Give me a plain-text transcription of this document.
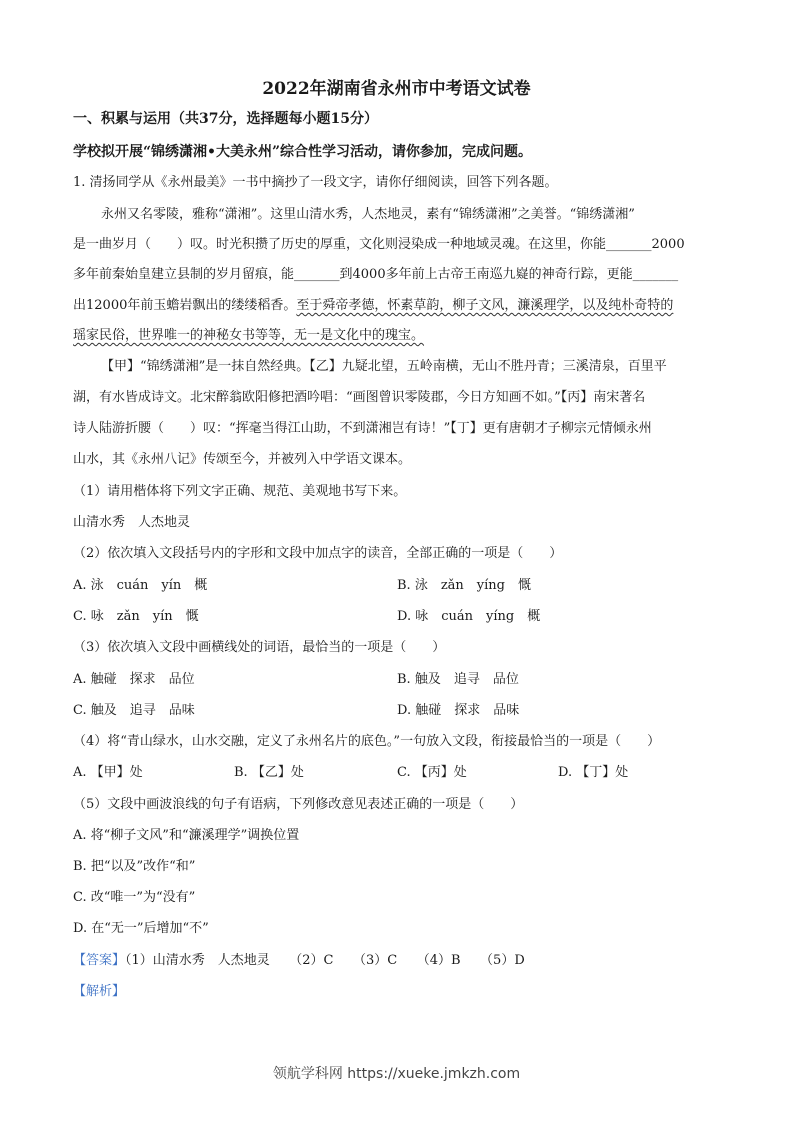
2022年湖南省永州市中考语文试卷
一、积累与运用（共37分，选择题每小题15分）
学校拟开展“锦绣潇湘•大美永州”综合性学习活动，请你参加，完成问题。
1. 清扬同学从《永州最美》一书中摘抄了一段文字，请你仔细阅读，回答下列各题。
永州又名零陵，雅称“潇湘”。这里山清水秀，人杰地灵，素有“锦绣潇湘”之美誉。“锦绣潇湘”
是一曲岁月（　　）叹。时光积攒了历史的厚重，文化则浸染成一种地域灵魂。在这里，你能_______2000
多年前秦始皇建立县制的岁月留痕，能_______到4000多年前上古帝王南巡九嶷的神奇行踪，更能_______
出12000年前玉蟾岩飘出的缕缕稻香。至于舜帝孝德，怀素草韵，柳子文风，濂溪理学，以及纯朴奇特的
瑶家民俗，世界唯一的神秘女书等等，无一是文化中的瑰宝。
【甲】“锦绣潇湘”是一抹自然经典。【乙】九疑北望，五岭南横，无山不胜丹青；三溪清泉，百里平
湖，有水皆成诗文。北宋醉翁欧阳修把酒吟唱：“画图曾识零陵郡，今日方知画不如。”【丙】南宋著名
诗人陆游折腰（　　）叹：“挥毫当得江山助，不到潇湘岂有诗！”【丁】更有唐朝才子柳宗元情倾永州
山水，其《永州八记》传颂至今，并被列入中学语文课本。
（1）请用楷体将下列文字正确、规范、美观地书写下来。
山清水秀　人杰地灵
（2）依次填入文段括号内的字形和文段中加点字的读音，全部正确的一项是（　　）
A. 泳　cuán　yín　概	B. 泳　zǎn　yíng　慨
C. 咏　zǎn　yín　慨	D. 咏　cuán　yíng　概
（3）依次填入文段中画横线处的词语，最恰当的一项是（　　）
A. 触碰　探求　品位	B. 触及　追寻　品位
C. 触及　追寻　品味	D. 触碰　探求　品味
（4）将“青山绿水，山水交融，定义了永州名片的底色。”一句放入文段，衔接最恰当的一项是（　　）
A. 【甲】处	B. 【乙】处	C. 【丙】处	D. 【丁】处
（5）文段中画波浪线的句子有语病，下列修改意见表述正确的一项是（　　）
A. 将“柳子文风”和“濂溪理学”调换位置
B. 把“以及”改作“和”
C. 改“唯一”为“没有”
D. 在“无一”后增加“不”
【答案】（1）山清水秀　人杰地灵　　（2）C　　（3）C　　（4）B　　（5）D
【解析】
领航学科网 https://xueke.jmkzh.com
